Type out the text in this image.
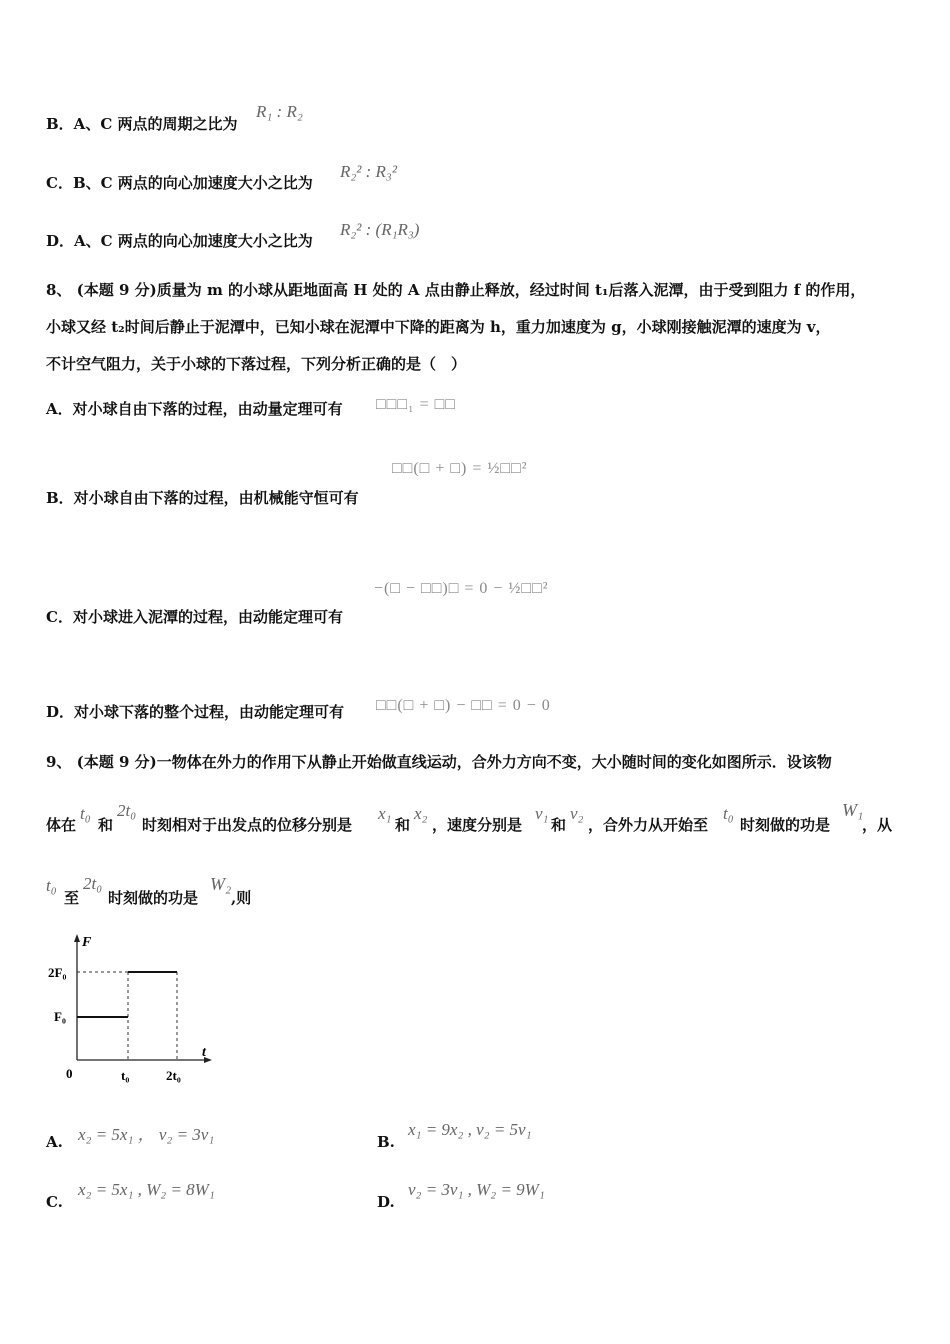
B．A、C 两点的周期之比为
R₁ : R₂
C．B、C 两点的向心加速度大小之比为
R₂² : R₃²
D．A、C 两点的向心加速度大小之比为
R₂² : (R₁R₃)
8、 (本题 9 分)质量为 m 的小球从距地面高 H 处的 A 点由静止释放，经过时间 t₁后落入泥潭，由于受到阻力 f 的作用，
小球又经 t₂时间后静止于泥潭中，已知小球在泥潭中下降的距离为 h，重力加速度为 g，小球刚接触泥潭的速度为 v，
不计空气阻力，关于小球的下落过程，下列分析正确的是（　）
A．对小球自由下落的过程，由动量定理可有 □□□₁ = □□
□□(□ + □) = ½□□²
B．对小球自由下落的过程，由机械能守恒可有
−(□ − □□)□ = 0 − ½□□²
C．对小球进入泥潭的过程，由动能定理可有
D．对小球下落的整个过程，由动能定理可有 □□(□ + □) − □□ = 0 − 0
9、 (本题 9 分)一物体在外力的作用下从静止开始做直线运动，合外力方向不变，大小随时间的变化如图所示．设该物
体在
t₀
和
2t₀
时刻相对于出发点的位移分别是
x₁
和
x₂
，速度分别是
v₁
和
v₂
，合外力从开始至
t₀
时刻做的功是
W₁
，从
t₀
至
2t₀
时刻做的功是
W₂
,则
F
t
2F₀
F₀
0	t₀	2t₀
A. x₂ = 5x₁ ， v₂ = 3v₁	B.
x₁ = 9x₂ , v₂ = 5v₁
C.
x₂ = 5x₁ , W₂ = 8W₁
D.
v₂ = 3v₁ , W₂ = 9W₁
